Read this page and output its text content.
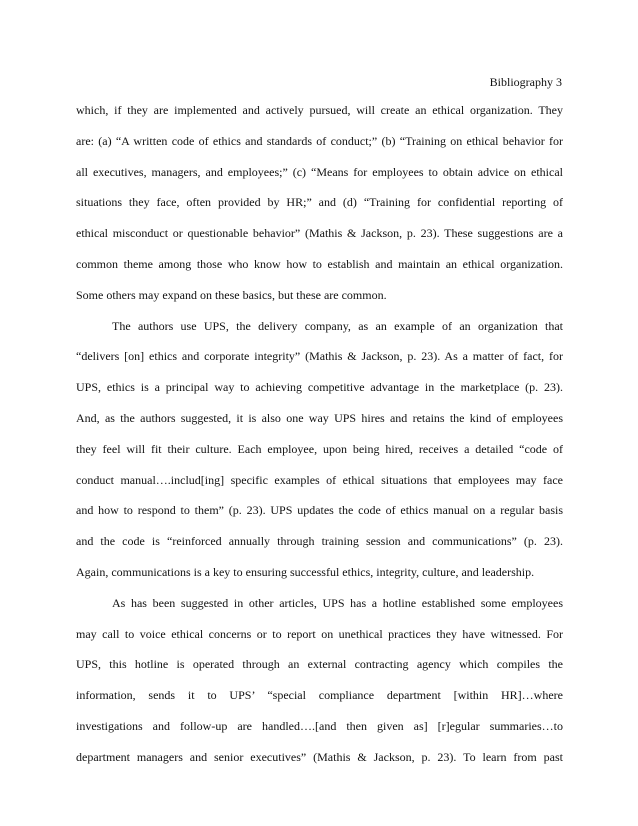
Bibliography 3
which, if they are implemented and actively pursued, will create an ethical organization. They
are: (a) “A written code of ethics and standards of conduct;” (b) “Training on ethical behavior for
all executives, managers, and employees;” (c) “Means for employees to obtain advice on ethical
situations they face, often provided by HR;” and (d) “Training for confidential reporting of
ethical misconduct or questionable behavior” (Mathis & Jackson, p. 23). These suggestions are a
common theme among those who know how to establish and maintain an ethical organization.
Some others may expand on these basics, but these are common.
The authors use UPS, the delivery company, as an example of an organization that
“delivers [on] ethics and corporate integrity” (Mathis & Jackson, p. 23). As a matter of fact, for
UPS, ethics is a principal way to achieving competitive advantage in the marketplace (p. 23).
And, as the authors suggested, it is also one way UPS hires and retains the kind of employees
they feel will fit their culture. Each employee, upon being hired, receives a detailed “code of
conduct manual….includ[ing] specific examples of ethical situations that employees may face
and how to respond to them” (p. 23). UPS updates the code of ethics manual on a regular basis
and the code is “reinforced annually through training session and communications” (p. 23).
Again, communications is a key to ensuring successful ethics, integrity, culture, and leadership.
As has been suggested in other articles, UPS has a hotline established some employees
may call to voice ethical concerns or to report on unethical practices they have witnessed. For
UPS, this hotline is operated through an external contracting agency which compiles the
information, sends it to UPS’ “special compliance department [within HR]…where
investigations and follow-up are handled….[and then given as] [r]egular summaries…to
department managers and senior executives” (Mathis & Jackson, p. 23). To learn from past
